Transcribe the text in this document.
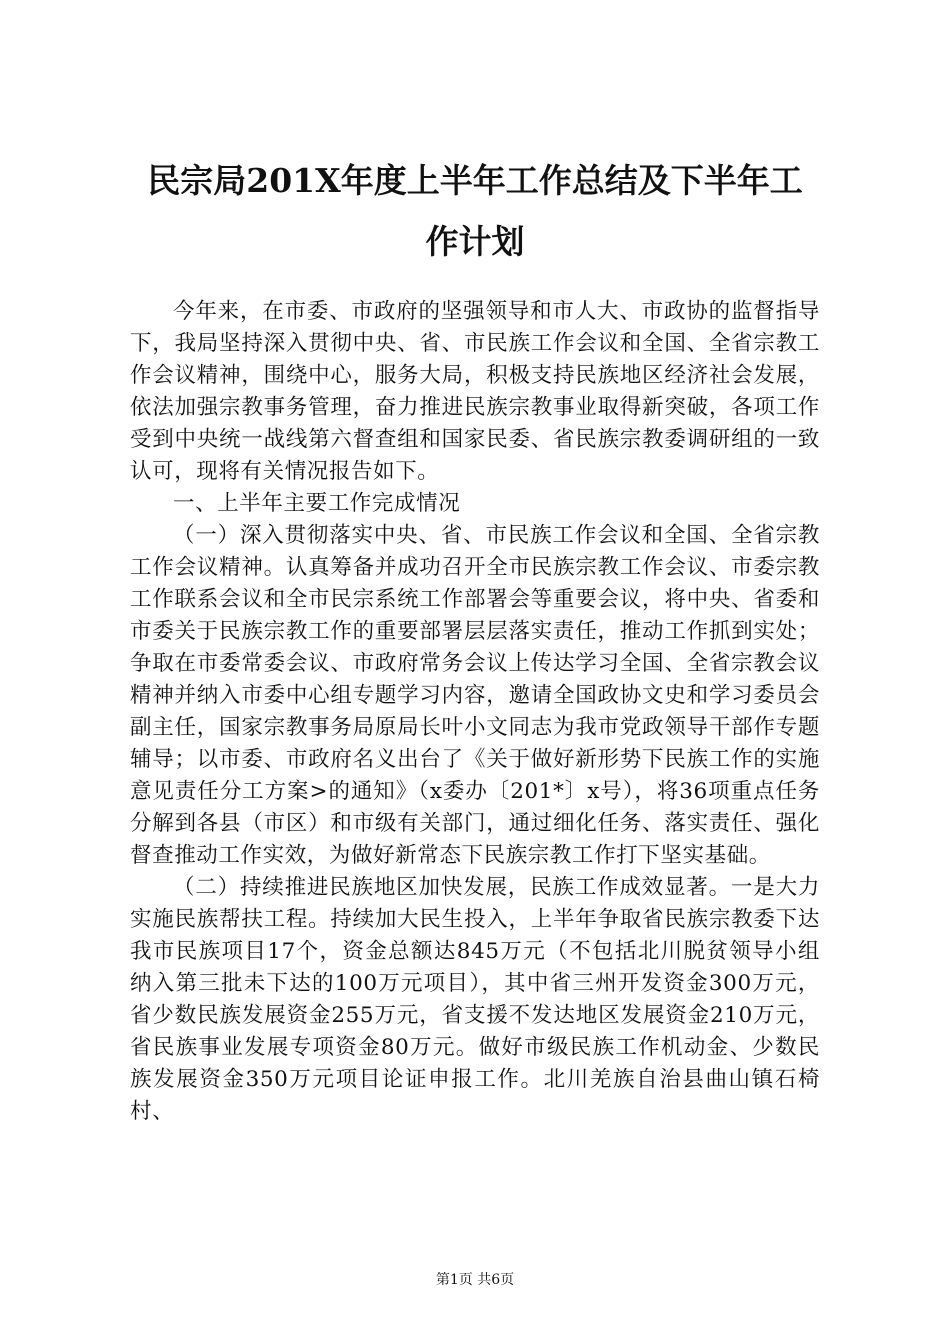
民宗局201X年度上半年工作总结及下半年工
作计划

今年来，在市委、市政府的坚强领导和市人大、市政协的监督指导下，我局坚持深入贯彻中央、省、市民族工作会议和全国、全省宗教工作会议精神，围绕中心，服务大局，积极支持民族地区经济社会发展，依法加强宗教事务管理，奋力推进民族宗教事业取得新突破，各项工作受到中央统一战线第六督查组和国家民委、省民族宗教委调研组的一致认可，现将有关情况报告如下。

一、上半年主要工作完成情况

（一）深入贯彻落实中央、省、市民族工作会议和全国、全省宗教工作会议精神。认真筹备并成功召开全市民族宗教工作会议、市委宗教工作联系会议和全市民宗系统工作部署会等重要会议，将中央、省委和市委关于民族宗教工作的重要部署层层落实责任，推动工作抓到实处；争取在市委常委会议、市政府常务会议上传达学习全国、全省宗教会议精神并纳入市委中心组专题学习内容，邀请全国政协文史和学习委员会副主任，国家宗教事务局原局长叶小文同志为我市党政领导干部作专题辅导；以市委、市政府名义出台了《关于做好新形势下民族工作的实施意见责任分工方案>的通知》（x委办〔201*〕x号），将36项重点任务分解到各县（市区）和市级有关部门，通过细化任务、落实责任、强化督查推动工作实效，为做好新常态下民族宗教工作打下坚实基础。

（二）持续推进民族地区加快发展，民族工作成效显著。一是大力实施民族帮扶工程。持续加大民生投入，上半年争取省民族宗教委下达我市民族项目17个，资金总额达845万元（不包括北川脱贫领导小组纳入第三批未下达的100万元项目），其中省三州开发资金300万元，省少数民族发展资金255万元，省支援不发达地区发展资金210万元，省民族事业发展专项资金80万元。做好市级民族工作机动金、少数民族发展资金350万元项目论证申报工作。北川羌族自治县曲山镇石椅村、

第1页 共6页
